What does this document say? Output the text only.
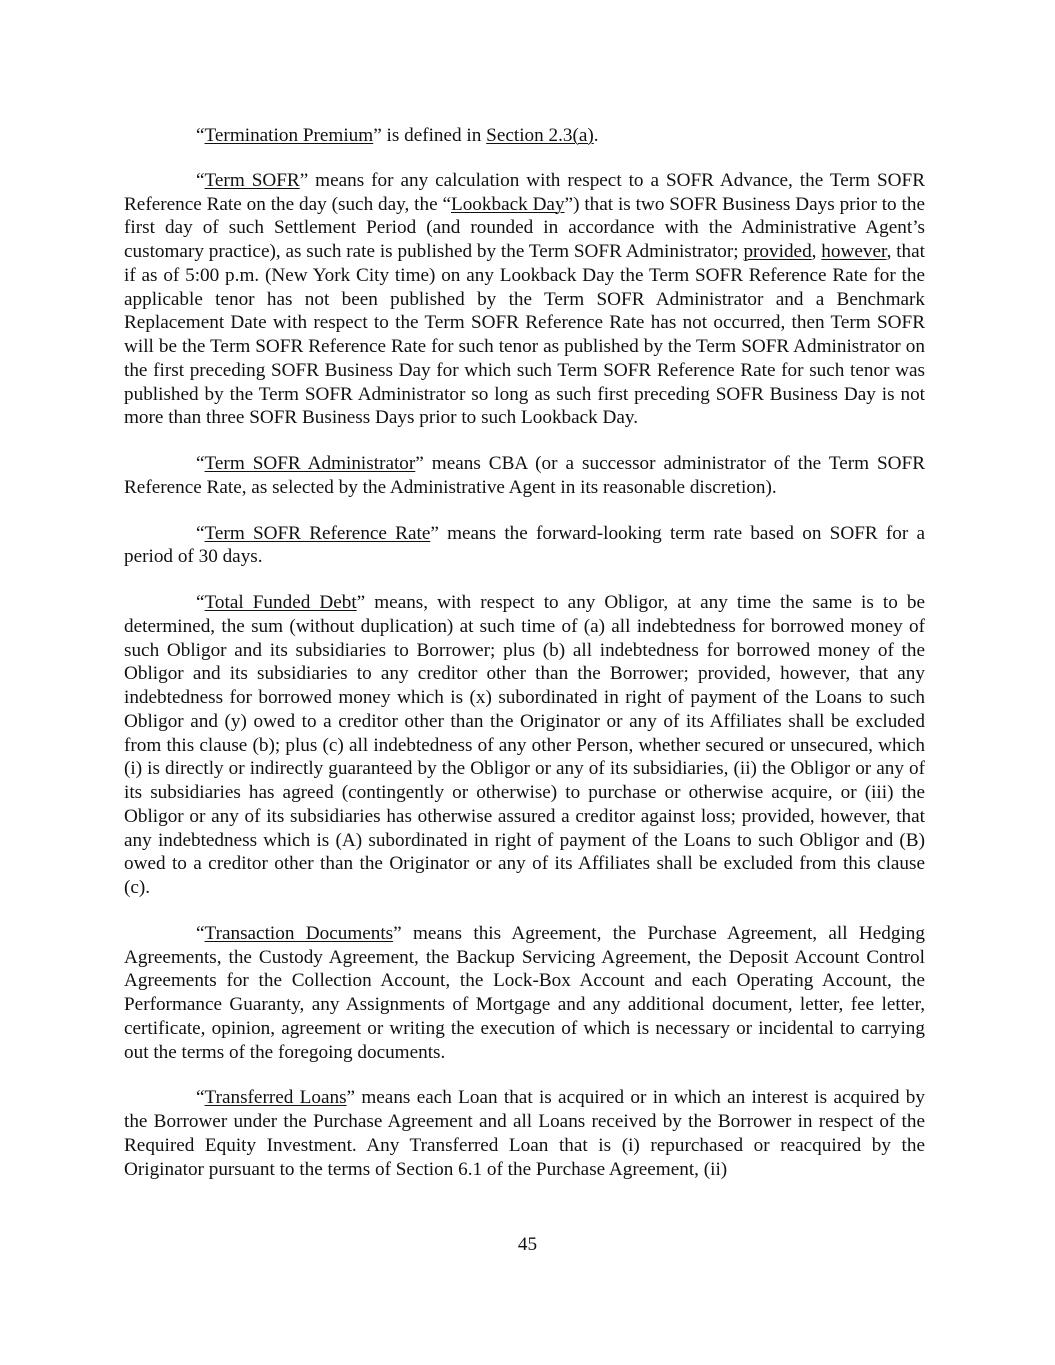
“Termination Premium” is defined in Section 2.3(a).

“Term SOFR” means for any calculation with respect to a SOFR Advance, the Term SOFR Reference Rate on the day (such day, the “Lookback Day”) that is two SOFR Business Days prior to the first day of such Settlement Period (and rounded in accordance with the Administrative Agent’s customary practice), as such rate is published by the Term SOFR Administrator; provided, however, that if as of 5:00 p.m. (New York City time) on any Lookback Day the Term SOFR Reference Rate for the applicable tenor has not been published by the Term SOFR Administrator and a Benchmark Replacement Date with respect to the Term SOFR Reference Rate has not occurred, then Term SOFR will be the Term SOFR Reference Rate for such tenor as published by the Term SOFR Administrator on the first preceding SOFR Business Day for which such Term SOFR Reference Rate for such tenor was published by the Term SOFR Administrator so long as such first preceding SOFR Business Day is not more than three SOFR Business Days prior to such Lookback Day.

“Term SOFR Administrator” means CBA (or a successor administrator of the Term SOFR Reference Rate, as selected by the Administrative Agent in its reasonable discretion).

“Term SOFR Reference Rate” means the forward-looking term rate based on SOFR for a period of 30 days.

“Total Funded Debt” means, with respect to any Obligor, at any time the same is to be determined, the sum (without duplication) at such time of (a) all indebtedness for borrowed money of such Obligor and its subsidiaries to Borrower; plus (b) all indebtedness for borrowed money of the Obligor and its subsidiaries to any creditor other than the Borrower; provided, however, that any indebtedness for borrowed money which is (x) subordinated in right of payment of the Loans to such Obligor and (y) owed to a creditor other than the Originator or any of its Affiliates shall be excluded from this clause (b); plus (c) all indebtedness of any other Person, whether secured or unsecured, which (i) is directly or indirectly guaranteed by the Obligor or any of its subsidiaries, (ii) the Obligor or any of its subsidiaries has agreed (contingently or otherwise) to purchase or otherwise acquire, or (iii) the Obligor or any of its subsidiaries has otherwise assured a creditor against loss; provided, however, that any indebtedness which is (A) subordinated in right of payment of the Loans to such Obligor and (B) owed to a creditor other than the Originator or any of its Affiliates shall be excluded from this clause (c).

“Transaction Documents” means this Agreement, the Purchase Agreement, all Hedging Agreements, the Custody Agreement, the Backup Servicing Agreement, the Deposit Account Control Agreements for the Collection Account, the Lock-Box Account and each Operating Account, the Performance Guaranty, any Assignments of Mortgage and any additional document, letter, fee letter, certificate, opinion, agreement or writing the execution of which is necessary or incidental to carrying out the terms of the foregoing documents.

“Transferred Loans” means each Loan that is acquired or in which an interest is acquired by the Borrower under the Purchase Agreement and all Loans received by the Borrower in respect of the Required Equity Investment. Any Transferred Loan that is (i) repurchased or reacquired by the Originator pursuant to the terms of Section 6.1 of the Purchase Agreement, (ii)

45
